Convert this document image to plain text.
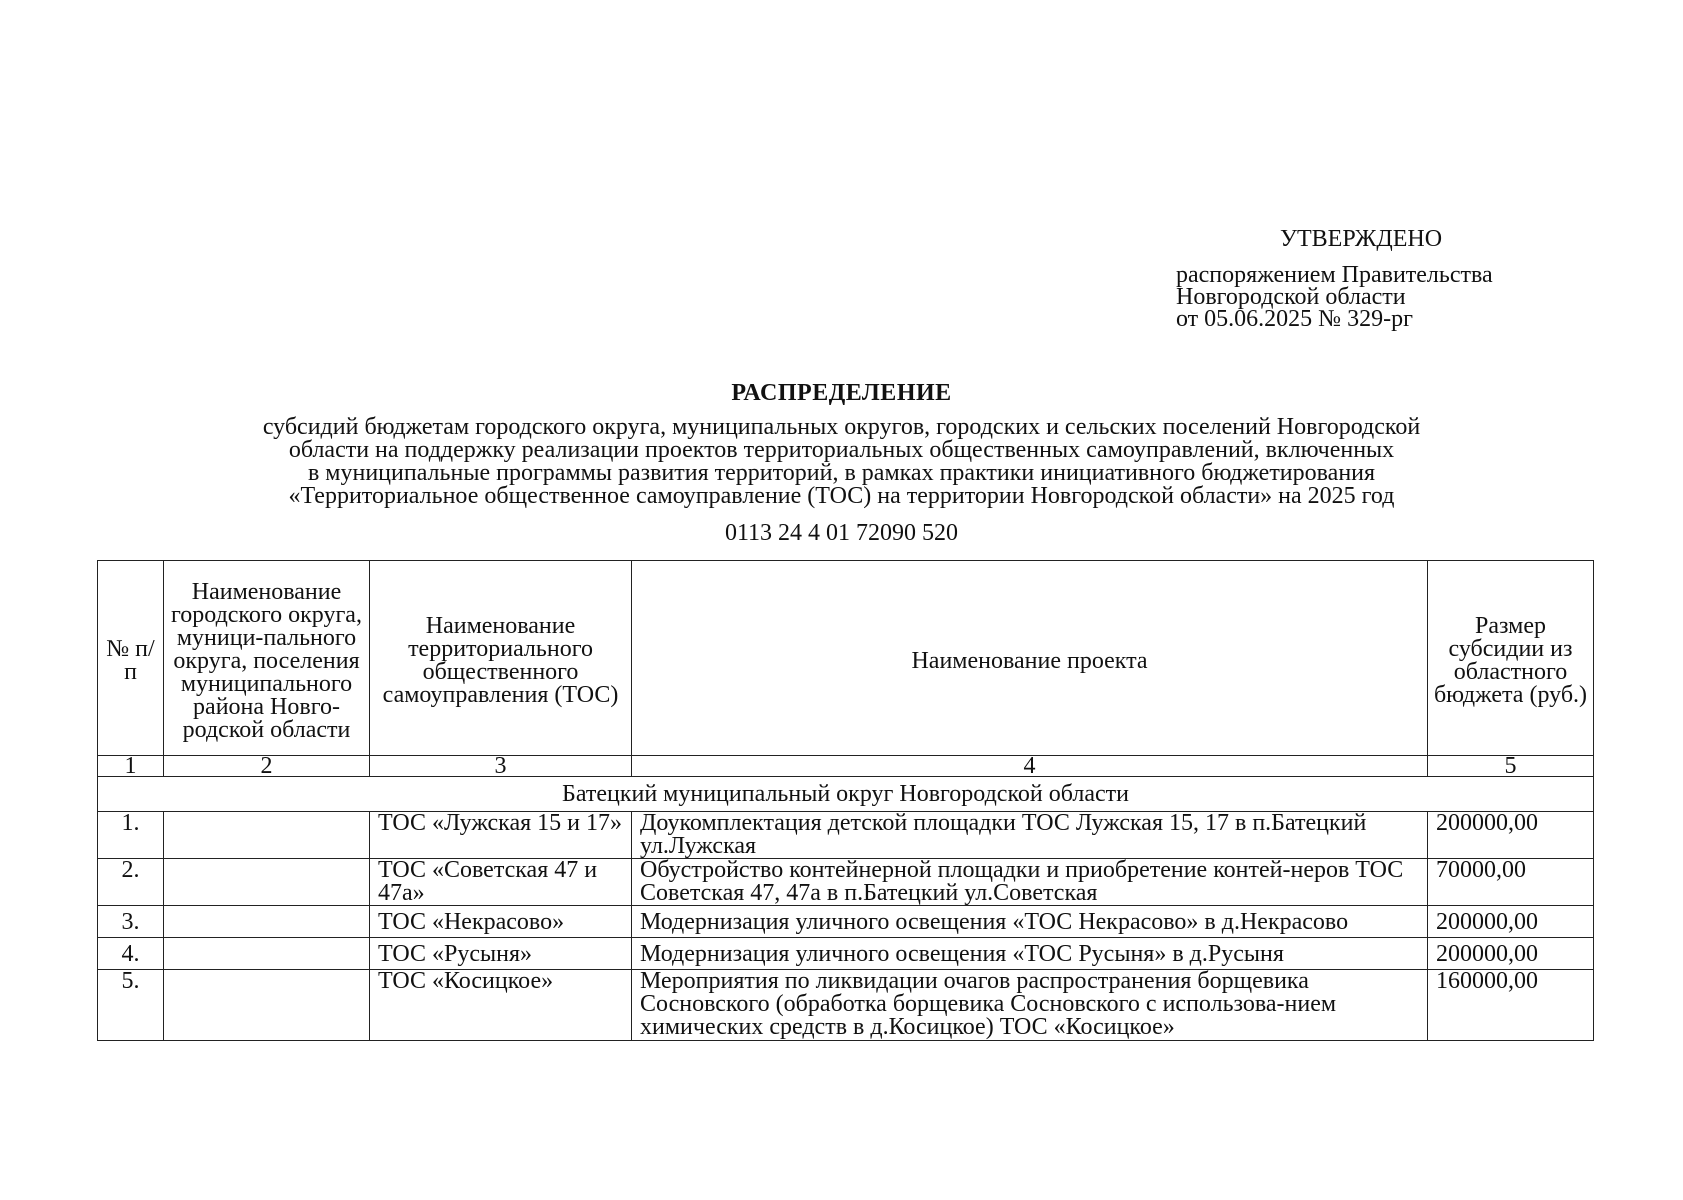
УТВЕРЖДЕНО
распоряжением Правительства
Новгородской области
от 05.06.2025 № 329-рг
РАСПРЕДЕЛЕНИЕ
субсидий бюджетам городского округа, муниципальных округов, городских и сельских поселений Новгородской
области на поддержку реализации проектов территориальных общественных самоуправлений, включенных
в муниципальные программы развития территорий, в рамках практики инициативного бюджетирования
«Территориальное общественное самоуправление (ТОС) на территории Новгородской области» на 2025 год
0113 24 4 01 72090 520
№ п/п	Наименование городского округа, муници-пального округа, поселения муниципального района Новго-родской области	Наименование территориального общественного самоуправления (ТОС)	Наименование проекта	Размер субсидии из областного бюджета (руб.)

1	2	3	4	5
Батецкий муниципальный округ Новгородской области				
1.		ТОС «Лужская 15 и 17»	Доукомплектация детской площадки ТОС Лужская 15, 17 в п.Батецкий ул.Лужская	200000,00
2.		ТОС «Советская 47 и 47а»	Обустройство контейнерной площадки и приобретение контей-неров ТОС Советская 47, 47а в п.Батецкий ул.Советская	70000,00
3.		ТОС «Некрасово»	Модернизация уличного освещения «ТОС Некрасово» в д.Некрасово	200000,00
4.		ТОС «Русыня»	Модернизация уличного освещения «ТОС Русыня» в д.Русыня	200000,00
5.		ТОС «Косицкое»	Мероприятия по ликвидации очагов распространения борщевика Сосновского (обработка борщевика Сосновского с использова-нием химических средств в д.Косицкое) ТОС «Косицкое»	160000,00
